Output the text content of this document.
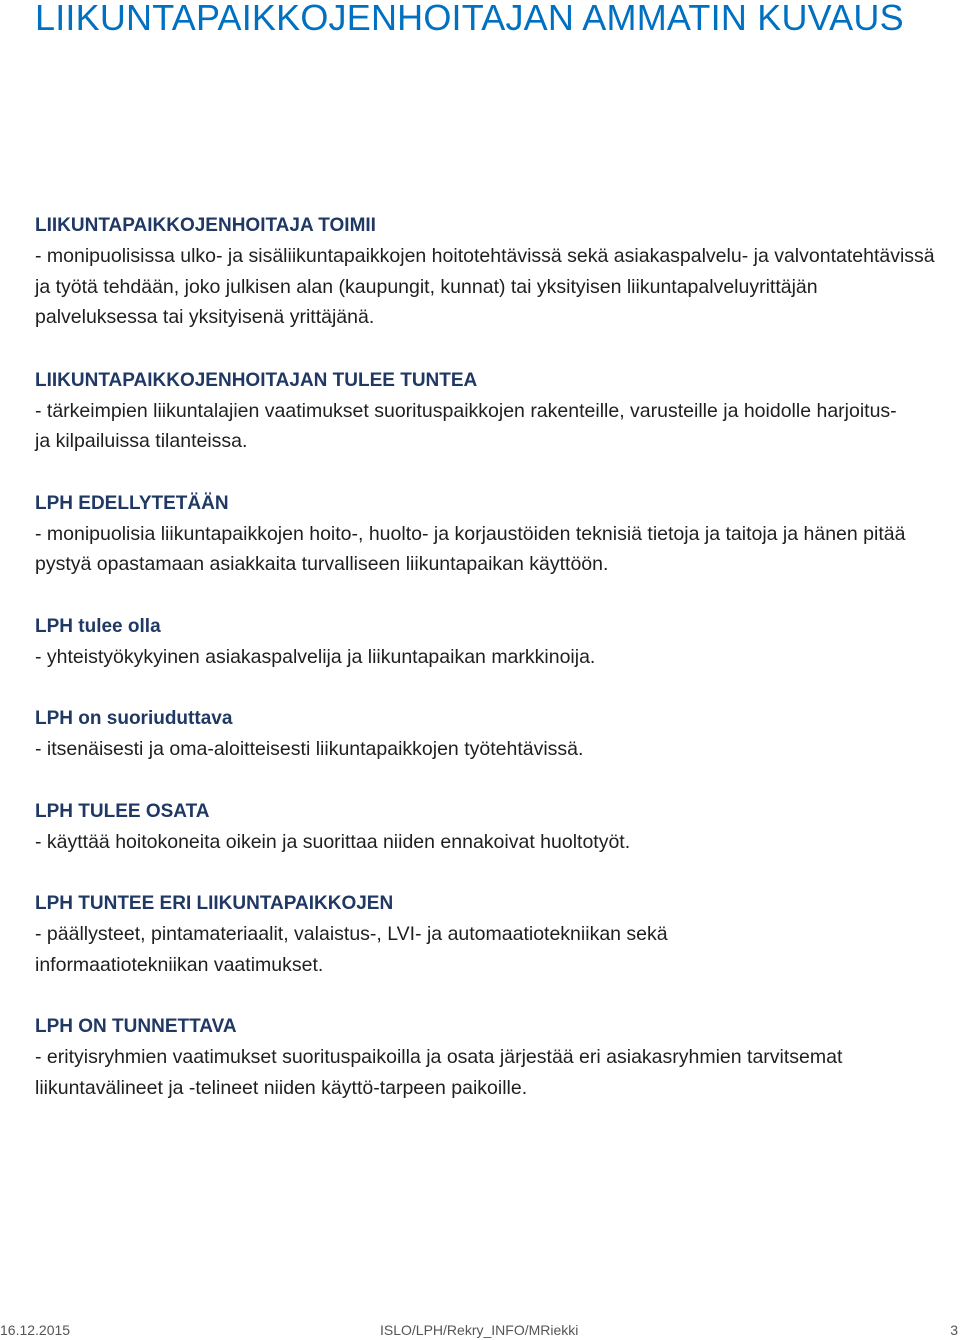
LIIKUNTAPAIKKOJENHOITAJAN AMMATIN KUVAUS
LIIKUNTAPAIKKOJENHOITAJA TOIMII

- monipuolisissa ulko- ja sisäliikuntapaikkojen hoitotehtävissä sekä asiakaspalvelu- ja valvontatehtävissä ja työtä tehdään, joko julkisen alan (kaupungit, kunnat) tai yksityisen liikuntapalveluyrittäjän palveluksessa tai yksityisenä yrittäjänä.

LIIKUNTAPAIKKOJENHOITAJAN TULEE TUNTEA

- tärkeimpien liikuntalajien vaatimukset suorituspaikkojen rakenteille, varusteille ja hoidolle harjoitus- ja kilpailuissa tilanteissa.

LPH EDELLYTETÄÄN

- monipuolisia liikuntapaikkojen hoito-, huolto- ja korjaustöiden teknisiä tietoja ja taitoja ja hänen pitää pystyä opastamaan asiakkaita turvalliseen liikuntapaikan käyttöön.

LPH tulee olla

- yhteistyökykyinen asiakaspalvelija ja liikuntapaikan markkinoija.

LPH on suoriuduttava

- itsenäisesti ja oma-aloitteisesti liikuntapaikkojen työtehtävissä.

LPH TULEE OSATA

- käyttää hoitokoneita oikein ja suorittaa niiden ennakoivat huoltotyöt.

LPH TUNTEE ERI LIIKUNTAPAIKKOJEN

- päällysteet, pintamateriaalit, valaistus-, LVI- ja automaatiotekniikan sekä informaatiotekniikan vaatimukset.

LPH ON TUNNETTAVA

- erityisryhmien vaatimukset suorituspaikoilla ja osata järjestää eri asiakasryhmien tarvitsemat liikuntavälineet ja -telineet niiden käyttö-tarpeen paikoille.

16.12.2015	ISLO/LPH/Rekry_INFO/MRiekki	3
